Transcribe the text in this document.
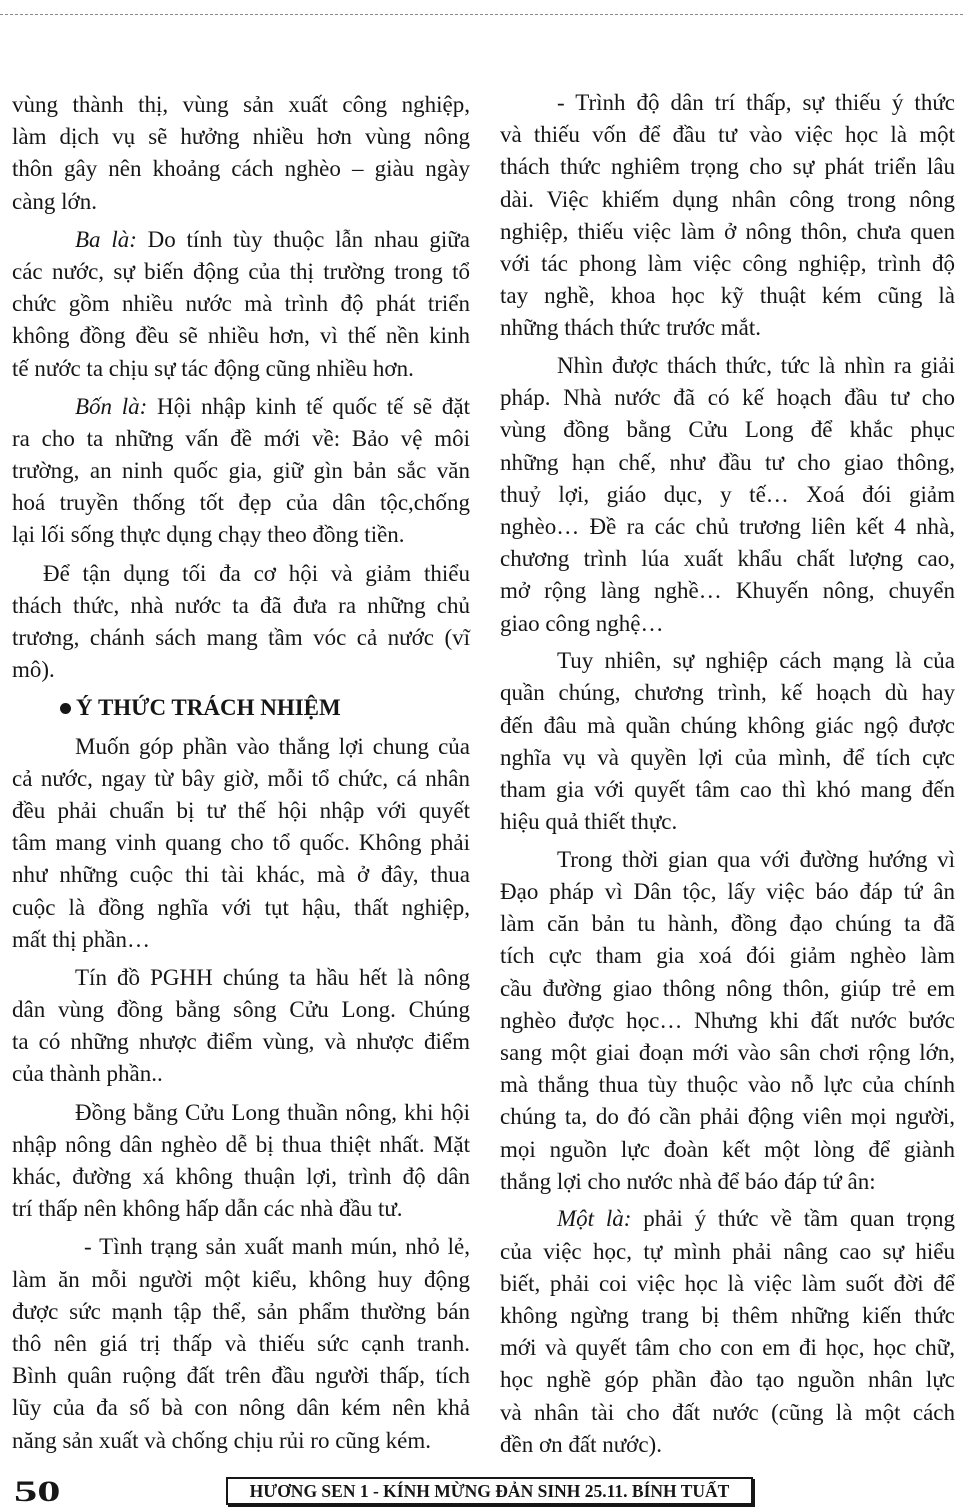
vùng thành thị, vùng sản xuất công nghiệp,
làm dịch vụ sẽ hưởng nhiều hơn vùng nông
thôn gây nên khoảng cách nghèo – giàu ngày
càng lớn.
Ba là: Do tính tùy thuộc lẫn nhau giữa
các nước, sự biến động của thị trường trong tổ
chức gồm nhiều nước mà trình độ phát triển
không đồng đều sẽ nhiều hơn, vì thế nền kinh
tế nước ta chịu sự tác động cũng nhiều hơn.
Bốn là: Hội nhập kinh tế quốc tế sẽ đặt
ra cho ta những vấn đề mới về: Bảo vệ môi
trường, an ninh quốc gia, giữ gìn bản sắc văn
hoá truyền thống tốt đẹp của dân tộc,chống
lại lối sống thực dụng chạy theo đồng tiền.
Để tận dụng tối đa cơ hội và giảm thiểu
thách thức, nhà nước ta đã đưa ra những chủ
trương, chánh sách mang tầm vóc cả nước (vĩ
mô).
Ý THỨC TRÁCH NHIỆM
Muốn góp phần vào thắng lợi chung của
cả nước, ngay từ bây giờ, mỗi tổ chức, cá nhân
đều phải chuẩn bị tư thế hội nhập với quyết
tâm mang vinh quang cho tổ quốc. Không phải
như những cuộc thi tài khác, mà ở đây, thua
cuộc là đồng nghĩa với tụt hậu, thất nghiệp,
mất thị phần…
Tín đồ PGHH chúng ta hầu hết là nông
dân vùng đồng bằng sông Cửu Long. Chúng
ta có những nhược điểm vùng, và nhược điểm
của thành phần..
Đồng bằng Cửu Long thuần nông, khi hội
nhập nông dân nghèo dễ bị thua thiệt nhất. Mặt
khác, đường xá không thuận lợi, trình độ dân
trí thấp nên không hấp dẫn các nhà đầu tư.
- Tình trạng sản xuất manh mún, nhỏ lẻ,
làm ăn mỗi người một kiểu, không huy động
được sức mạnh tập thể, sản phẩm thường bán
thô nên giá trị thấp và thiếu sức cạnh tranh.
Bình quân ruộng đất trên đầu người thấp, tích
lũy của đa số bà con nông dân kém nên khả
năng sản xuất và chống chịu rủi ro cũng kém.
- Trình độ dân trí thấp, sự thiếu ý thức
và thiếu vốn để đầu tư vào việc học là một
thách thức nghiêm trọng cho sự phát triển lâu
dài. Việc khiếm dụng nhân công trong nông
nghiệp, thiếu việc làm ở nông thôn, chưa quen
với tác phong làm việc công nghiệp, trình độ
tay nghề, khoa học kỹ thuật kém cũng là
những thách thức trước mắt.
Nhìn được thách thức, tức là nhìn ra giải
pháp. Nhà nước đã có kế hoạch đầu tư cho
vùng đồng bằng Cửu Long để khắc phục
những hạn chế, như đầu tư cho giao thông,
thuỷ lợi, giáo dục, y tế… Xoá đói giảm
nghèo… Đề ra các chủ trương liên kết 4 nhà,
chương trình lúa xuất khẩu chất lượng cao,
mở rộng làng nghề… Khuyến nông, chuyển
giao công nghệ…
Tuy nhiên, sự nghiệp cách mạng là của
quần chúng, chương trình, kế hoạch dù hay
đến đâu mà quần chúng không giác ngộ được
nghĩa vụ và quyền lợi của mình, để tích cực
tham gia với quyết tâm cao thì khó mang đến
hiệu quả thiết thực.
Trong thời gian qua với đường hướng vì
Đạo pháp vì Dân tộc, lấy việc báo đáp tứ ân
làm căn bản tu hành, đồng đạo chúng ta đã
tích cực tham gia xoá đói giảm nghèo làm
cầu đường giao thông nông thôn, giúp trẻ em
nghèo được học… Nhưng khi đất nước bước
sang một giai đoạn mới vào sân chơi rộng lớn,
mà thắng thua tùy thuộc vào nỗ lực của chính
chúng ta, do đó cần phải động viên mọi người,
mọi nguồn lực đoàn kết một lòng để giành
thắng lợi cho nước nhà để báo đáp tứ ân:
Một là: phải ý thức về tầm quan trọng
của việc học, tự mình phải nâng cao sự hiểu
biết, phải coi việc học là việc làm suốt đời để
không ngừng trang bị thêm những kiến thức
mới và quyết tâm cho con em đi học, học chữ,
học nghề góp phần đào tạo nguồn nhân lực
và nhân tài cho đất nước (cũng là một cách
đền ơn đất nước).
50	HƯƠNG SEN 1 - KÍNH MỪNG ĐẢN SINH 25.11. BÍNH TUẤT
